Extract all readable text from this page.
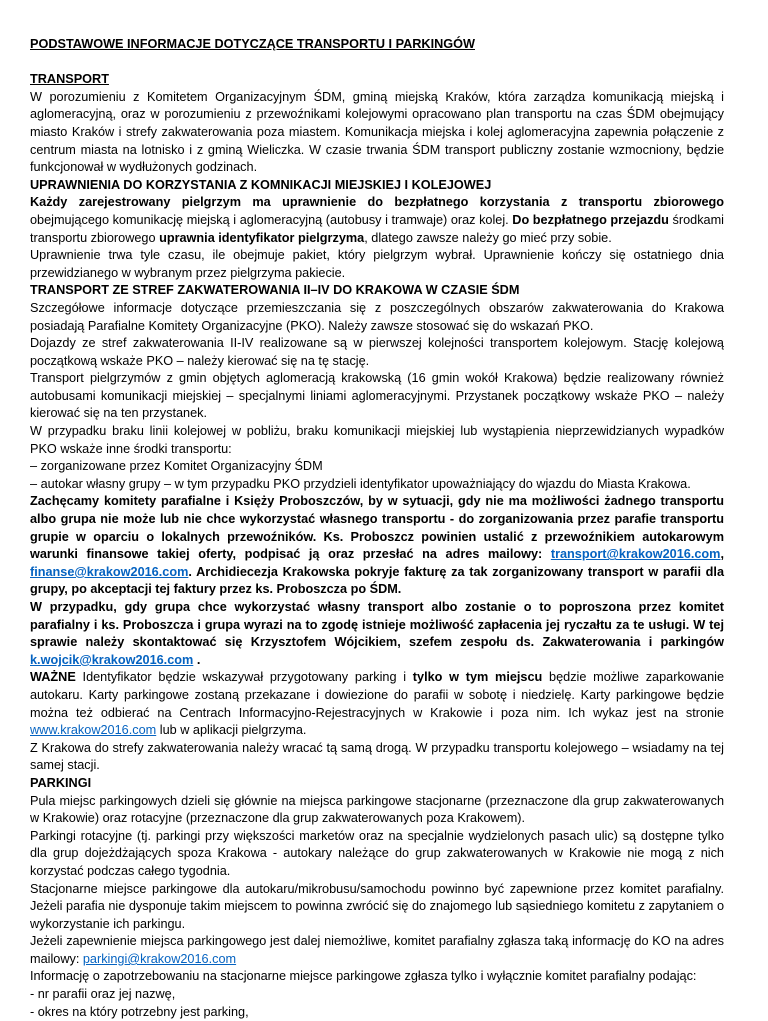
PODSTAWOWE INFORMACJE DOTYCZĄCE TRANSPORTU I PARKINGÓW

TRANSPORT

W porozumieniu z Komitetem Organizacyjnym ŚDM, gminą miejską Kraków, która zarządza komunikacją miejską i aglomeracyjną, oraz w porozumieniu z przewoźnikami kolejowymi opracowano plan transportu na czas ŚDM obejmujący miasto Kraków i strefy zakwaterowania poza miastem. Komunikacja miejska i kolej aglomeracyjna zapewnia połączenie z centrum miasta na lotnisko i z gminą Wieliczka. W czasie trwania ŚDM transport publiczny zostanie wzmocniony, będzie funkcjonował w wydłużonych godzinach.

UPRAWNIENIA DO KORZYSTANIA Z KOMNIKACJI MIEJSKIEJ I KOLEJOWEJ

Każdy zarejestrowany pielgrzym ma uprawnienie do bezpłatnego korzystania z transportu zbiorowego obejmującego komunikację miejską i aglomeracyjną (autobusy i tramwaje) oraz kolej. Do bezpłatnego przejazdu środkami transportu zbiorowego uprawnia identyfikator pielgrzyma, dlatego zawsze należy go mieć przy sobie.

Uprawnienie trwa tyle czasu, ile obejmuje pakiet, który pielgrzym wybrał. Uprawnienie kończy się ostatniego dnia przewidzianego w wybranym przez pielgrzyma pakiecie.

TRANSPORT ZE STREF ZAKWATEROWANIA II–IV DO KRAKOWA W CZASIE ŚDM

Szczegółowe informacje dotyczące przemieszczania się z poszczególnych obszarów zakwaterowania do Krakowa posiadają Parafialne Komitety Organizacyjne (PKO). Należy zawsze stosować się do wskazań PKO.

Dojazdy ze stref zakwaterowania II-IV realizowane są w pierwszej kolejności transportem kolejowym. Stację kolejową początkową wskaże PKO – należy kierować się na tę stację.

Transport pielgrzymów z gmin objętych aglomeracją krakowską (16 gmin wokół Krakowa) będzie realizowany również autobusami komunikacji miejskiej – specjalnymi liniami aglomeracyjnymi. Przystanek początkowy wskaże PKO – należy kierować się na ten przystanek.

W przypadku braku linii kolejowej w pobliżu, braku komunikacji miejskiej lub wystąpienia nieprzewidzianych wypadków PKO wskaże inne środki transportu:

– zorganizowane przez Komitet Organizacyjny ŚDM

– autokar własny grupy – w tym przypadku PKO przydzieli identyfikator upoważniający do wjazdu do Miasta Krakowa.

Zachęcamy komitety parafialne i Księży Proboszczów, by w sytuacji, gdy nie ma możliwości żadnego transportu albo grupa nie może lub nie chce wykorzystać własnego transportu - do zorganizowania przez parafie transportu grupie w oparciu o lokalnych przewoźników. Ks. Proboszcz powinien ustalić z przewoźnikiem autokarowym warunki finansowe takiej oferty, podpisać ją oraz przesłać na adres mailowy: transport@krakow2016.com, finanse@krakow2016.com. Archidiecezja Krakowska pokryje fakturę za tak zorganizowany transport w parafii dla grupy, po akceptacji tej faktury przez ks. Proboszcza po ŚDM.

W przypadku, gdy grupa chce wykorzystać własny transport albo zostanie o to poproszona przez komitet parafialny i ks. Proboszcza i grupa wyrazi na to zgodę istnieje możliwość zapłacenia jej ryczałtu za te usługi. W tej sprawie należy skontaktować się Krzysztofem Wójcikiem, szefem zespołu ds. Zakwaterowania i parkingów k.wojcik@krakow2016.com .

WAŻNE Identyfikator będzie wskazywał przygotowany parking i tylko w tym miejscu będzie możliwe zaparkowanie autokaru. Karty parkingowe zostaną przekazane i dowiezione do parafii w sobotę i niedzielę. Karty parkingowe będzie można też odbierać na Centrach Informacyjno-Rejestracyjnych w Krakowie i poza nim. Ich wykaz jest na stronie www.krakow2016.com lub w aplikacji pielgrzyma.

Z Krakowa do strefy zakwaterowania należy wracać tą samą drogą. W przypadku transportu kolejowego – wsiadamy na tej samej stacji.

PARKINGI

Pula miejsc parkingowych dzieli się głównie na miejsca parkingowe stacjonarne (przeznaczone dla grup zakwaterowanych w Krakowie) oraz rotacyjne (przeznaczone dla grup zakwaterowanych poza Krakowem).

Parkingi rotacyjne (tj. parkingi przy większości marketów oraz na specjalnie wydzielonych pasach ulic) są dostępne tylko dla grup dojeżdżających spoza Krakowa - autokary należące do grup zakwaterowanych w Krakowie nie mogą z nich korzystać podczas całego tygodnia.

Stacjonarne miejsce parkingowe dla autokaru/mikrobusu/samochodu powinno być zapewnione przez komitet parafialny. Jeżeli parafia nie dysponuje takim miejscem to powinna zwrócić się do znajomego lub sąsiedniego komitetu z zapytaniem o wykorzystanie ich parkingu.

Jeżeli zapewnienie miejsca parkingowego jest dalej niemożliwe, komitet parafialny zgłasza taką informację do KO na adres mailowy: parkingi@krakow2016.com

Informację o zapotrzebowaniu na stacjonarne miejsce parkingowe zgłasza tylko i wyłącznie komitet parafialny podając:

- nr parafii oraz jej nazwę,

- okres na który potrzebny jest parking,
